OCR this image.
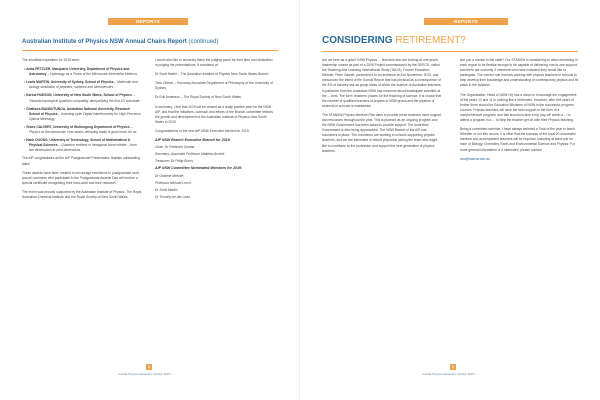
REPORTS
Australian Institute of Physics NSW Annual Chairs Report (continued)

The shortlisted speakers for 2019 were:

• Anita PETZLER, Macquarie University, Department of Physics and Astronomy – Hydrology as a Probe of the Microscale Interstellar Medium,
• Lewis MARTIN, University of Sydney, School of Physics – Molecular and biology simulation of peptides, surfaces and biomolecules;
• Karina HUDSON, University of New South Wales, School of Physics – Towards topological quantum computing: demystifying the first 1D substrate;
• Chathura BANDUTUNGA, Australian National University, Research School of Physics – Including optic Digital interferometry for High-Precision Optical Metrology;
• Grace CALVERT, University of Wollongong Department of Physics – Physics at the nanoscale: How atoms behaving badly is good news for us;
• Hanh DUONG, University of Technology, School of Mathematical & Physical Sciences – Quantum emitters in hexagonal boron nitride – from two dimensions to zero dimensions

The AIP congratulates all the AIP Postgraduate Presentation finalists outstanding talks!

These awards have been created to encourage excellence in postgraduate work, and all nominees who participate in the Postgraduate Awards Day will receive a special certificate recognising their hard-work and their research.

The event was proudly supported by the Australian Institute of Physics, The Royal Australian Chemical Institute and the Royal Society of New South Wales.

I would also like to sincerely thank the judging panel for their time and dedication in judging the presentations. It consisted of:

Dr Scott Martin – The Australian Institute of Physics New South Wales Branch

Titus Ohlson – Honorary Associate Department of Philosophy of the University of Sydney

Dr Erik Anderson – The Royal Society of New South Wales

In summary, I feel that 2019 will be viewed as a really positive year for the NSW AIP, and that the initiatives, outreach and efforts of the Branch committee reflects the growth and development of the Australian Institute of Physics New South Wales in 2019.

Congratulations to the new AIP NSW Executive elected for 2019:

AIP NSW Branch Executive Branch for 2019:

Chair: Dr Frederick Osman;

Secretary: Associate Professor Matthew Arnold;

Treasurer: Dr Philip Burns;

AIP NSW Committee Nominated Members for 2019:

Dr Graeme Melville;

Professor Michael Lerch;

Dr Scott Martin;

Dr Timothy ter der Laan.

8
Cellular Physics Newsletter • Edition 2019 • ...
REPORTS
CONSIDERING RETIREMENT?

Are we here as a grad? NSW Physics ... teachers who are looking at one year's leadership course as part of a 2008 Project commissioned by the DEECD, called the Teaching And Learning International Study (TALIS), Former Education Minister, Peter Garrett, presented it to an audience at 2nd November, 2010, and announced the intent of the Gonski Report that has physical as a consequence of the 3% of industry use as group ideas of which the science of Australian teachers, in particular from the Australian NSW has concerns about inadequate scientific at the ... best. The form: teachers' places for the teaching of science. It is crucial that the number of qualified teachers of physics in NSW grows and the pipeline of students in schools is maintained.

The STANSW Physics Mentors Plan aims to provide these teachers more support and resources throughout the year. This is planned as an ongoing program and the NSW Government has been asked to provide support. The Australian Government is also being approached. The NSW Branch of the AIP has volunteers in place. The volunteers are working in schools supporting physics teachers, and we are interested in retired physicists joining the team who might like to contribute to the profession and support the next generation of physics teachers.

Are you a mentor in the state? Our STANSW is considering to allow mentoring in each region to be flexible enough to be capable of delivering one-to-one support, and there are currently 3 members who have indicated they would like to participate. The mentor role involves working with physics teachers in schools to help develop their knowledge and understanding of contemporary physics and its place in the syllabus.

The Organisation: Head of NSW HQ has a vision to encourage the engagement of the years 12 and 11 in nothing like a retirement. However, after five years of further there should be Education Ministers of NSW in the successful program courses. Physics teachers will have the best support in the form of a comprehensive program, and this should involve a big 'pay-off' within a ... to attend a program in a ... to help the teacher get on with their Physics teaching.

Being a committed scientist, I have always believed a Total of the year to teach. Whether or not this occurs, it is clear that the success of the local 20 successful mentors and accompanied teachers will be required, including at least one for each of Biology, Chemistry, Earth and Environmental Science and Physics. For more general information or if interested, please contact

rtao@stansw.asn.au

9
Cellular Physics Newsletter • Edition 2019 • ...
